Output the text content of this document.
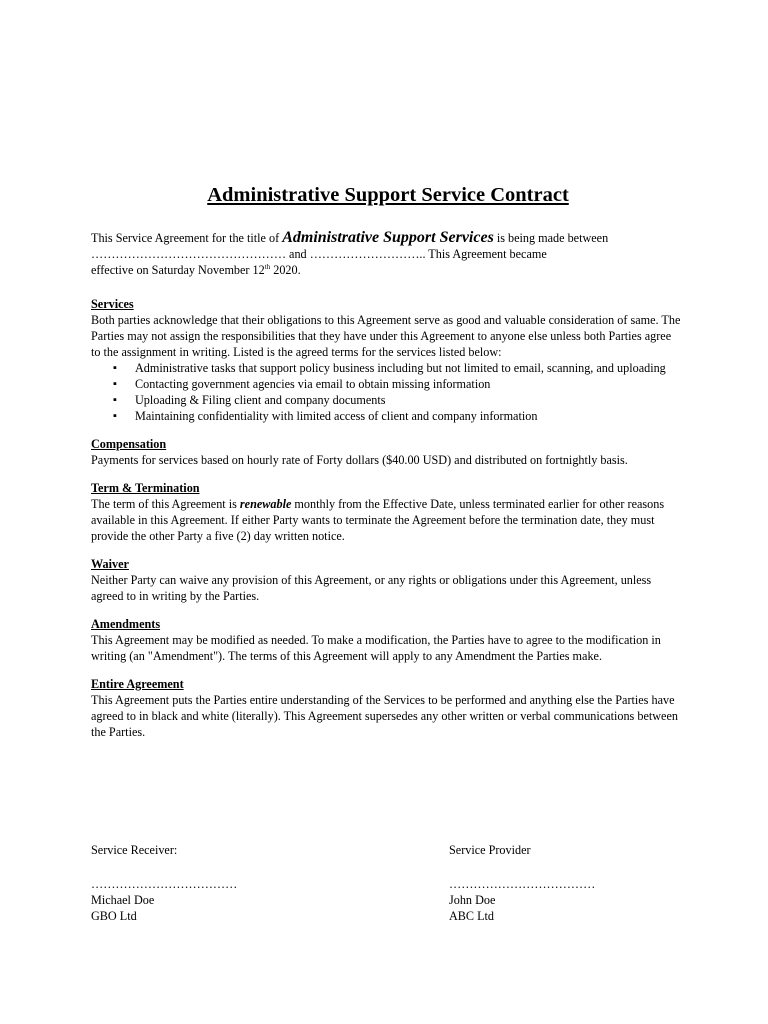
Administrative Support Service Contract

This Service Agreement for the title of Administrative Support Services is being made between
………………………………………… and ……………………….. This Agreement became
effective on Saturday November 12th 2020.

Services

Both parties acknowledge that their obligations to this Agreement serve as good and valuable consideration of same. The Parties may not assign the responsibilities that they have under this Agreement to anyone else unless both Parties agree to the assignment in writing. Listed is the agreed terms for the services listed below:

▪ Administrative tasks that support policy business including but not limited to email, scanning, and uploading
▪ Contacting government agencies via email to obtain missing information
▪ Uploading & Filing client and company documents
▪ Maintaining confidentiality with limited access of client and company information
Compensation

Payments for services based on hourly rate of Forty dollars ($40.00 USD) and distributed on fortnightly basis.

Term & Termination

The term of this Agreement is renewable monthly from the Effective Date, unless terminated earlier for other reasons available in this Agreement. If either Party wants to terminate the Agreement before the termination date, they must provide the other Party a five (2) day written notice.

Waiver

Neither Party can waive any provision of this Agreement, or any rights or obligations under this Agreement, unless agreed to in writing by the Parties.

Amendments

This Agreement may be modified as needed. To make a modification, the Parties have to agree to the modification in writing (an "Amendment"). The terms of this Agreement will apply to any Amendment the Parties make.

Entire Agreement

This Agreement puts the Parties entire understanding of the Services to be performed and anything else the Parties have agreed to in black and white (literally). This Agreement supersedes any other written or verbal communications between the Parties.

Service Receiver:
………………………………
Michael Doe
GBO Ltd
Service Provider
………………………………
John Doe
ABC Ltd
